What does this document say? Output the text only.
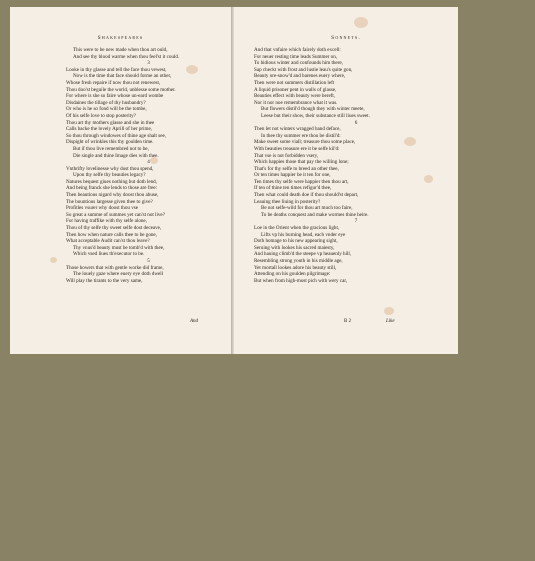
Shakespeares
This were to be new made when thou art ould,
And see thy blood warme when thou feel'st it could.
3
Looke in thy glasse and tell the face thou vewest,
Now is the time that face should forme an other,
Whose fresh repaire if now thou not renewest,
Thou doo'st beguile the world, unblesse some mother.
For where is she so faire whose un-eard wombe
Disdaines the tillage of thy husbandry?
Or who is he so fond will be the tombe,
Of his selfe love to stop posterity?
Thou art thy mothers glasse and she in thee
Calls backe the lovely Aprill of her prime,
So thou through windowes of thine age shalt see,
Dispight of wrinkles this thy goulden time.
But if thou live remembred not to be,
Die single and thine Image dies with thee.
4
Vnthrifty lovelinesse why dost thou spend,
Upon thy selfe thy beauties legacy?
Natures bequest giues nothing but doth lend,
And being franck she lends to those are free:
Then beautious nigard why doost thou abuse,
The bountious largesse given thee to give?
Profitles vsurer why doost thou vse
So great a summe of summes yet can'st not live?
For having traffike with thy selfe alone,
Thou of thy selfe thy sweet selfe dost deceave,
Then how when nature calls thee to be gone,
What acceptable Audit can'st thou leave?
Thy vnus'd beauty must be tomb'd with thee,
Which vsed liues th'executor to be.
5
Those howers that with gentle worke did frame,
The louely gaze where euery eye doth dwell
Will play the tirants to the very same,
And
Sonnets.
And that vnfaire which fairely doth excell:
For neuer resting time leads Summer on,
To hidious winter and confounds him there,
Sap checkt with frost and lustie leau's quite gon,
Beauty ore-snow'd and barenes euery where,
Then were not summers distillation left
A liquid prisoner pent in walls of glasse,
Beauties effect with beauty were bereft,
Nor it nor noe remembrance what it was.
But flowers distil'd though they with winter meete,
Leese but their show, their substance still liues sweet.
6
Then let not winters wragged hand deface,
In thee thy summer ere thou be distil'd:
Make sweet some viall; treasure thou some place,
With beauties treasure ere it be selfe kil'd:
That vse is not forbidden vsery,
Which happies those that pay the willing lone;
That's for thy selfe to breed an other thee,
Or ten times happier be it ten for one,
Ten times thy selfe were happier then thou art,
If ten of thine ten times refigur'd thee,
Then what could death doe if thou should'st depart,
Leauing thee liuing in posterity?
Be not selfe-wild for thou art much too faire,
To be deaths conquest and make wormes thine heire.
7
Loe in the Orient when the gracious light,
Lifts vp his burning head, each vnder eye
Doth homage to his new appearing sight,
Seruing with lookes his sacred maiesty,
And hauing climb'd the steepe vp heauenly hill,
Resembling strong youth in his middle age,
Yet mortall lookes adore his beauty still,
Attending on his goulden pilgrimage:
But when from high-most pich with wery car,
B 2	Like
